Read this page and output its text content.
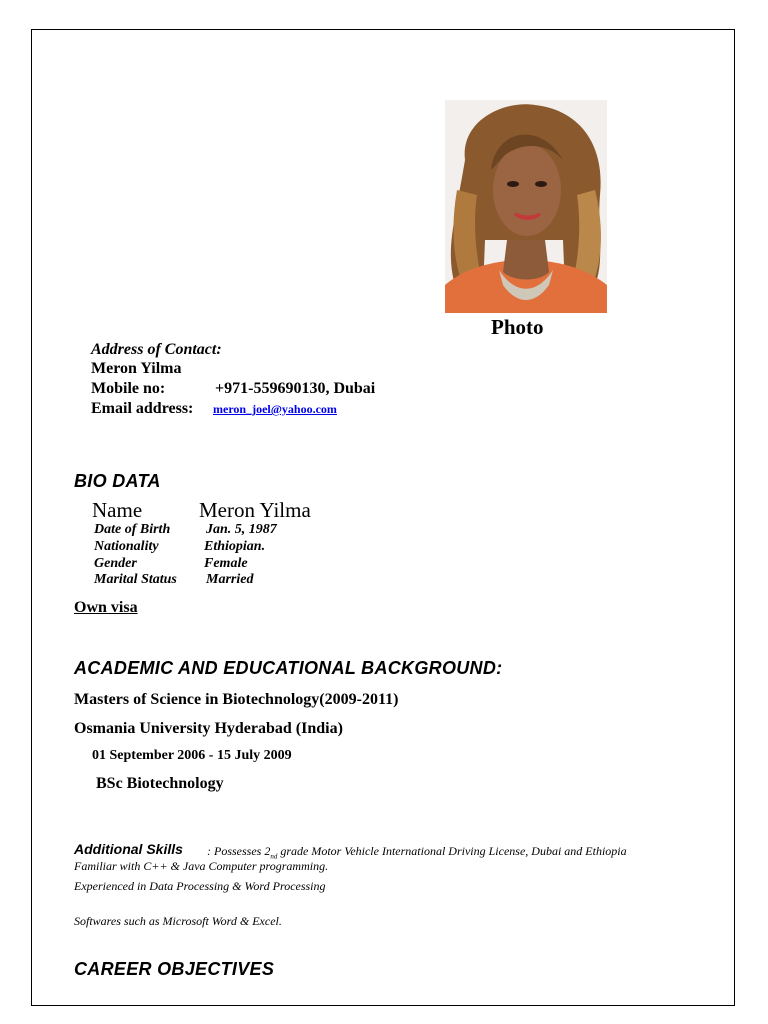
Photo
Address of Contact:
Meron Yilma
Mobile no:	+971-559690130, Dubai
Email address: meron_joel@yahoo.com
BIO DATA
Name	Meron Yilma
Date of Birth	Jan. 5, 1987
Nationality	Ethiopian.
Gender	Female
Marital Status Married
Own visa
ACADEMIC AND EDUCATIONAL BACKGROUND:
Masters of Science in Biotechnology(2009-2011)
Osmania University Hyderabad (India)
01 September 2006 - 15 July 2009
BSc Biotechnology
Additional Skills : Possesses $2_{nd}$ grade Motor Vehicle International Driving License, Dubai and Ethiopia
Familiar with C++ & Java Computer programming.
Experienced in Data Processing & Word Processing
Softwares such as Microsoft Word & Excel.
CAREER OBJECTIVES
